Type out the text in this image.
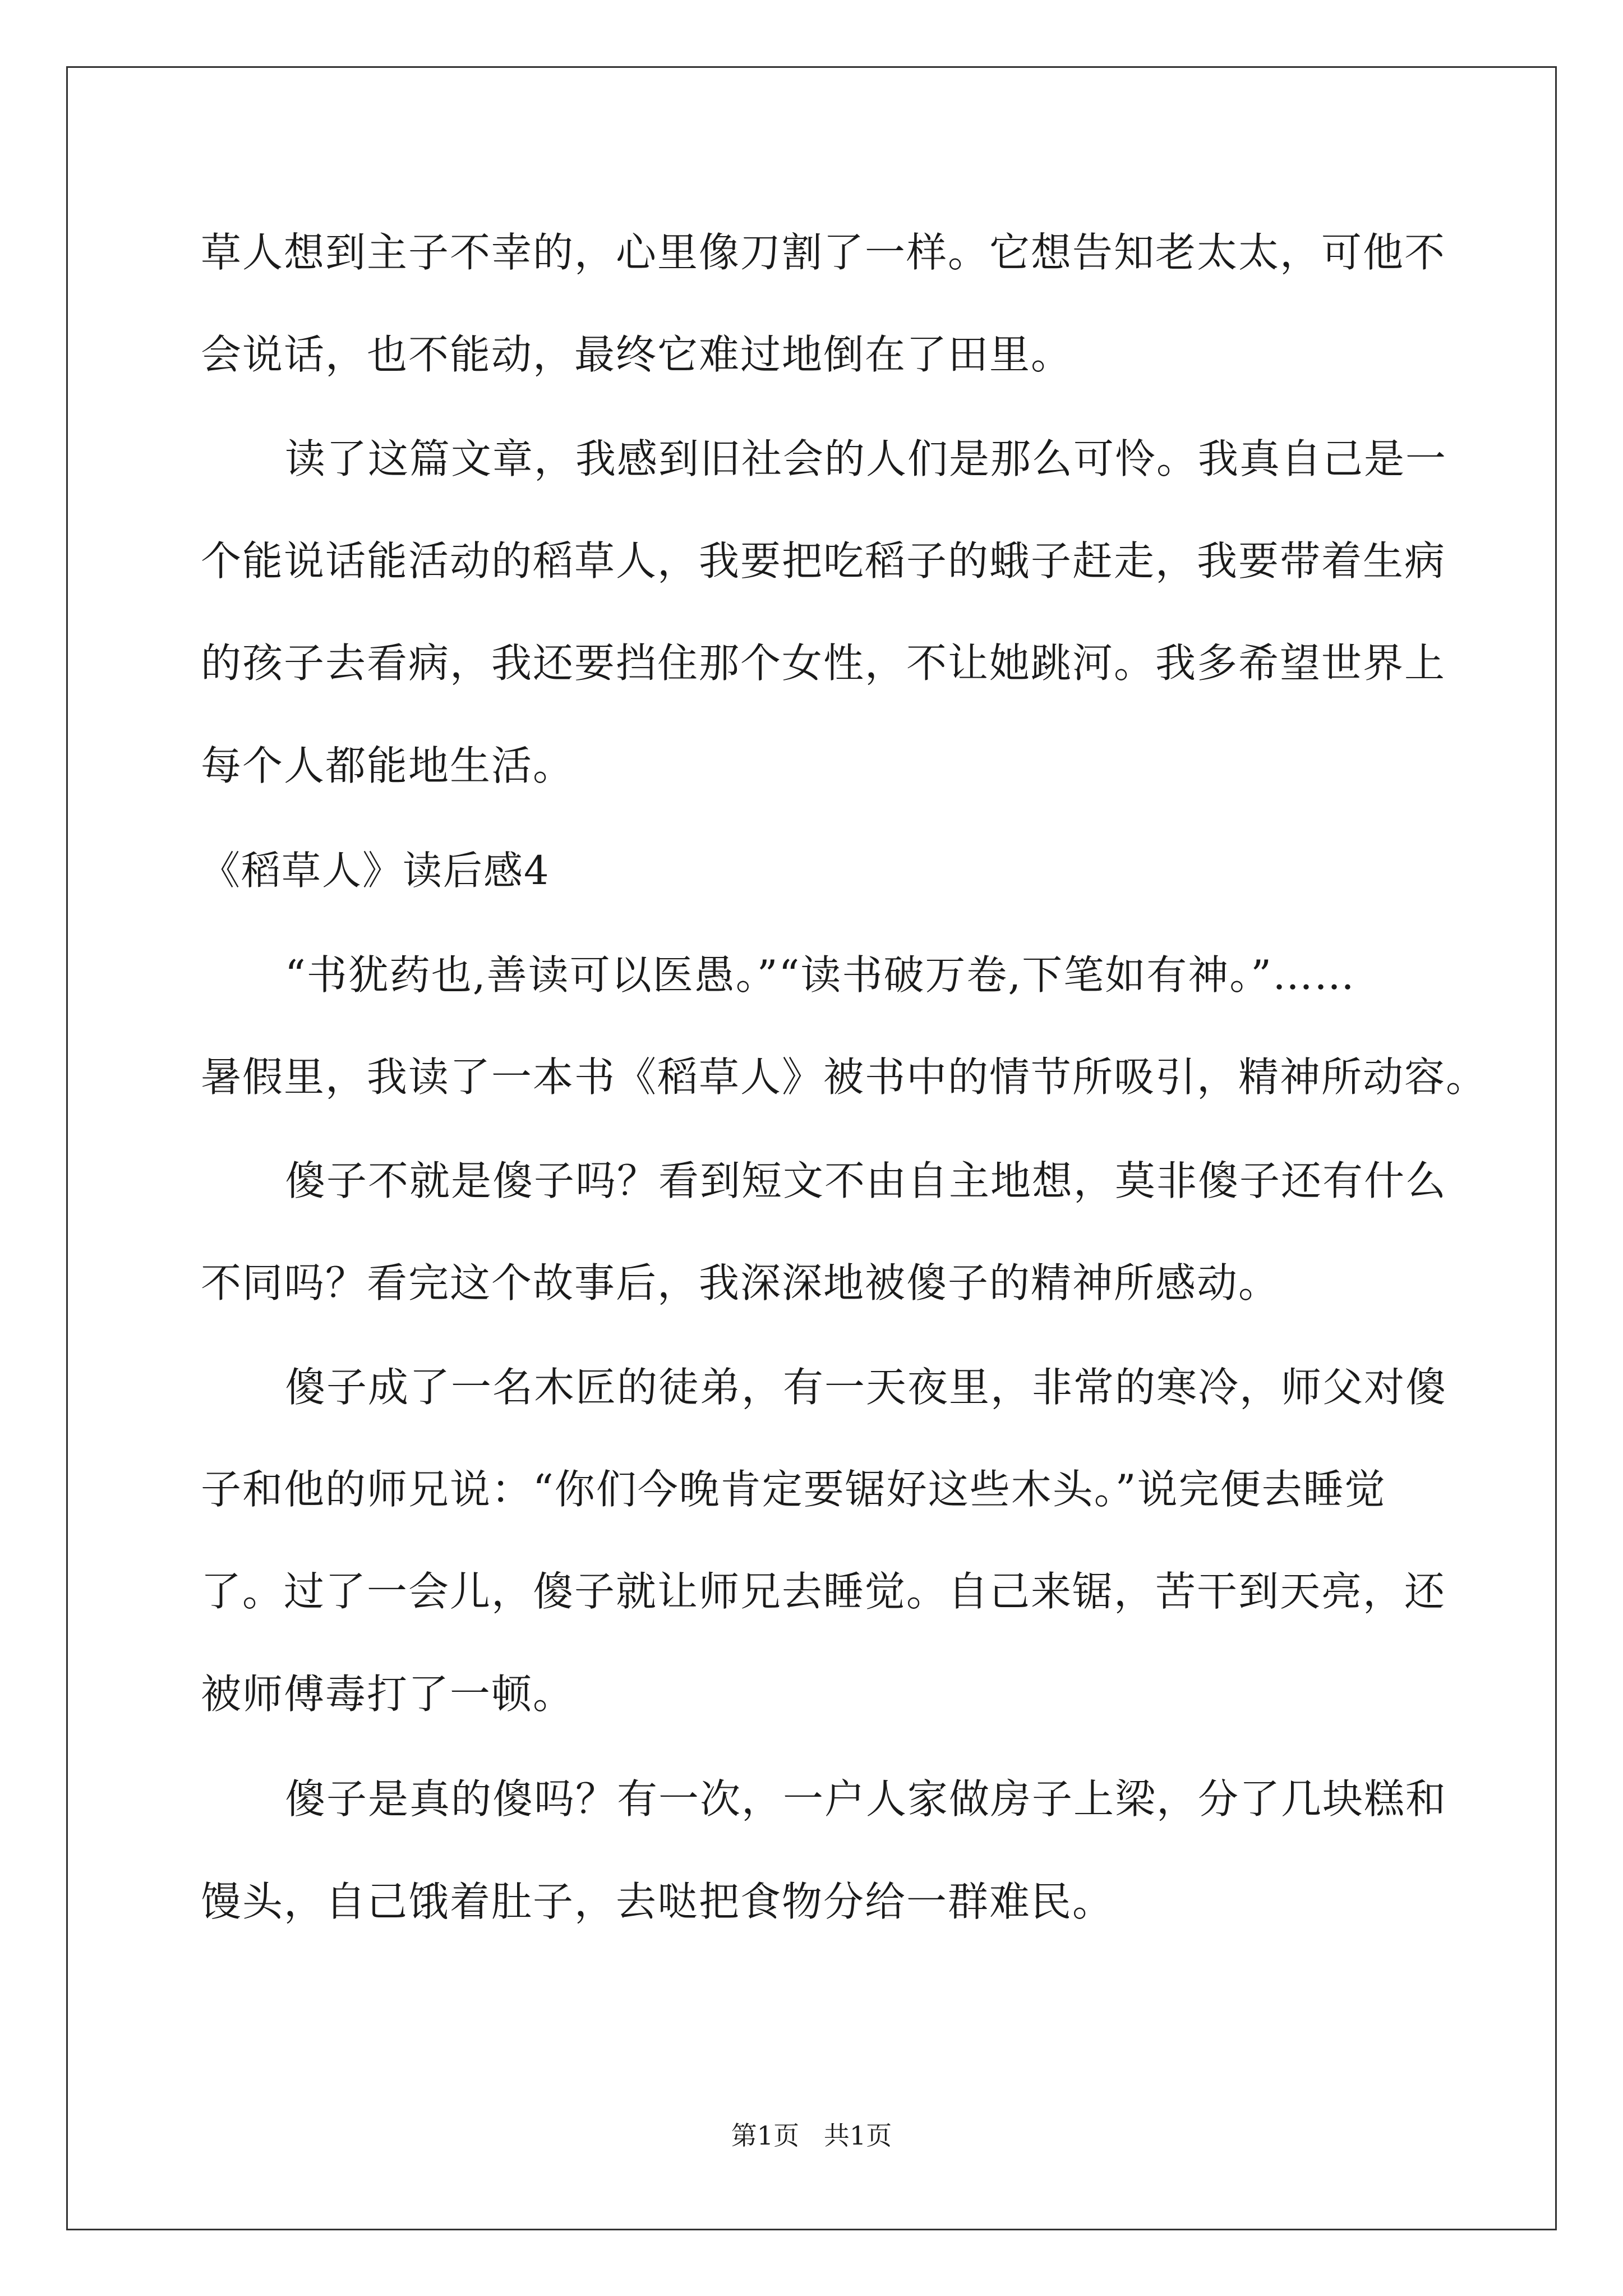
草人想到主子不幸的，心里像刀割了一样。它想告知老太太，可他不
会说话，也不能动，最终它难过地倒在了田里。
读了这篇文章，我感到旧社会的人们是那么可怜。我真自己是一
个能说话能活动的稻草人，我要把吃稻子的蛾子赶走，我要带着生病
的孩子去看病，我还要挡住那个女性，不让她跳河。我多希望世界上
每个人都能地生活。
《稻草人》读后感4
“书犹药也,善读可以医愚。”“读书破万卷,下笔如有神。”……
暑假里，我读了一本书《稻草人》被书中的情节所吸引，精神所动容。
傻子不就是傻子吗？看到短文不由自主地想，莫非傻子还有什么
不同吗？看完这个故事后，我深深地被傻子的精神所感动。
傻子成了一名木匠的徒弟，有一天夜里，非常的寒冷，师父对傻
子和他的师兄说：“你们今晚肯定要锯好这些木头。”说完便去睡觉
了。过了一会儿，傻子就让师兄去睡觉。自己来锯，苦干到天亮，还
被师傅毒打了一顿。
傻子是真的傻吗？有一次，一户人家做房子上梁，分了几块糕和
馒头，自己饿着肚子，去哒把食物分给一群难民。
第1页   共1页
